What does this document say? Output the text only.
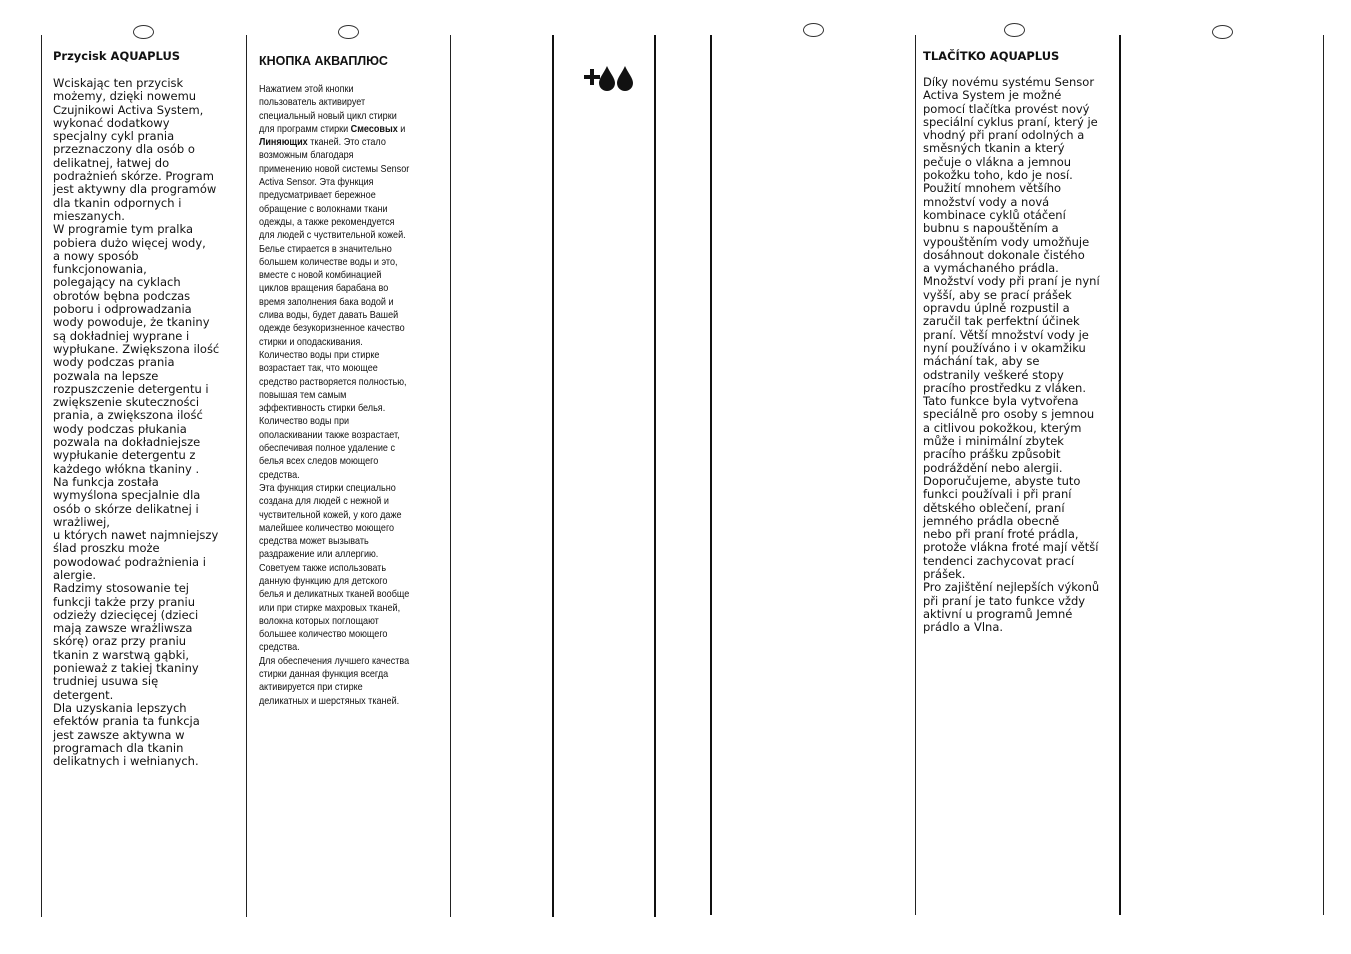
Przycisk AQUAPLUS

Wciskając ten przycisk
możemy, dzięki nowemu
Czujnikowi Activa System,
wykonać dodatkowy
specjalny cykl prania
przeznaczony dla osób o
delikatnej, łatwej do
podrażnień skórze. Program
jest aktywny dla programów
dla tkanin odpornych i
mieszanych.
W programie tym pralka
pobiera dużo więcej wody,
a nowy sposób
funkcjonowania,
polegający na cyklach
obrotów bębna podczas
poboru i odprowadzania
wody powoduje, że tkaniny
są dokładniej wyprane i
wypłukane. Zwiększona ilość
wody podczas prania
pozwala na lepsze
rozpuszczenie detergentu i
zwiększenie skuteczności
prania, a zwiększona ilość
wody podczas płukania
pozwala na dokładniejsze
wypłukanie detergentu z
każdego włókna tkaniny .
Na funkcja została
wymyślona specjalnie dla
osób o skórze delikatnej i
wrażliwej,
u których nawet najmniejszy
ślad proszku może
powodować podrażnienia i
alergie.
Radzimy stosowanie tej
funkcji także przy praniu
odzieży dziecięcej (dzieci
mają zawsze wrażliwsza
skórę) oraz przy praniu
tkanin z warstwą gąbki,
ponieważ z takiej tkaniny
trudniej usuwa się
detergent.
Dla uzyskania lepszych
efektów prania ta funkcja
jest zawsze aktywna w
programach dla tkanin
delikatnych i wełnianych.

КНОПКА АКВАПЛЮС

Нажатием этой кнопки
пользователь активирует
специальный новый цикл стирки
для программ стирки Смесовых и
Линяющих тканей. Это стало
возможным благодаря
применению новой системы Sensor
Activa Sensor. Эта функция
предусматривает бережное
обращение с волокнами ткани
одежды, а также рекомендуется
для людей с чуствительной кожей.
Белье стирается в значительно
большем количестве воды и это,
вместе с новой комбинацией
циклов вращения барабана во
время заполнения бака водой и
слива воды, будет давать Вашей
одежде безукоризненное качество
стирки и оподаскивания.
Количество воды при стирке
возрастает так, что моющее
средство растворяется полностью,
повышая тем самым
эффективность стирки белья.
Количество воды при
ополаскивании также возрастает,
обеспечивая полное удаление с
белья всех следов моющего
средства.
Эта функция стирки специально
создана для людей с нежной и
чуствительной кожей, у кого даже
малейшее количество моющего
средства может вызывать
раздражение или аллергию.
Советуем также использовать
данную функцию для детского
белья и деликатных тканей вообще
или при стирке махровых тканей,
волокна которых поглощают
большее количество моющего
средства.
Для обеспечения лучшего качества
стирки данная функция всегда
активируется при стирке
деликатных и шерстяных тканей.

TLAČÍTKO AQUAPLUS

Díky novému systému Sensor
Activa System je možné
pomocí tlačítka provést nový
speciální cyklus praní, který je
vhodný při praní odolných a
směsných tkanin a který
pečuje o vlákna a jemnou
pokožku toho, kdo je nosí.
Použití mnohem většího
množství vody a nová
kombinace cyklů otáčení
bubnu s napouštěním a
vypouštěním vody umožňuje
dosáhnout dokonale čistého
a vymáchaného prádla.
Množství vody při praní je nyní
vyšší, aby se prací prášek
opravdu úplně rozpustil a
zaručil tak perfektní účinek
praní. Větší množství vody je
nyní používáno i v okamžiku
máchání tak, aby se
odstranily veškeré stopy
pracího prostředku z vláken.
Tato funkce byla vytvořena
speciálně pro osoby s jemnou
a citlivou pokožkou, kterým
může i minimální zbytek
pracího prášku způsobit
podráždění nebo alergii.
Doporučujeme, abyste tuto
funkci používali i při praní
dětského oblečení, praní
jemného prádla obecně
nebo při praní froté prádla,
protože vlákna froté mají větší
tendenci zachycovat prací
prášek.
Pro zajištění nejlepších výkonů
při praní je tato funkce vždy
aktivní u programů Jemné
prádlo a Vlna.
